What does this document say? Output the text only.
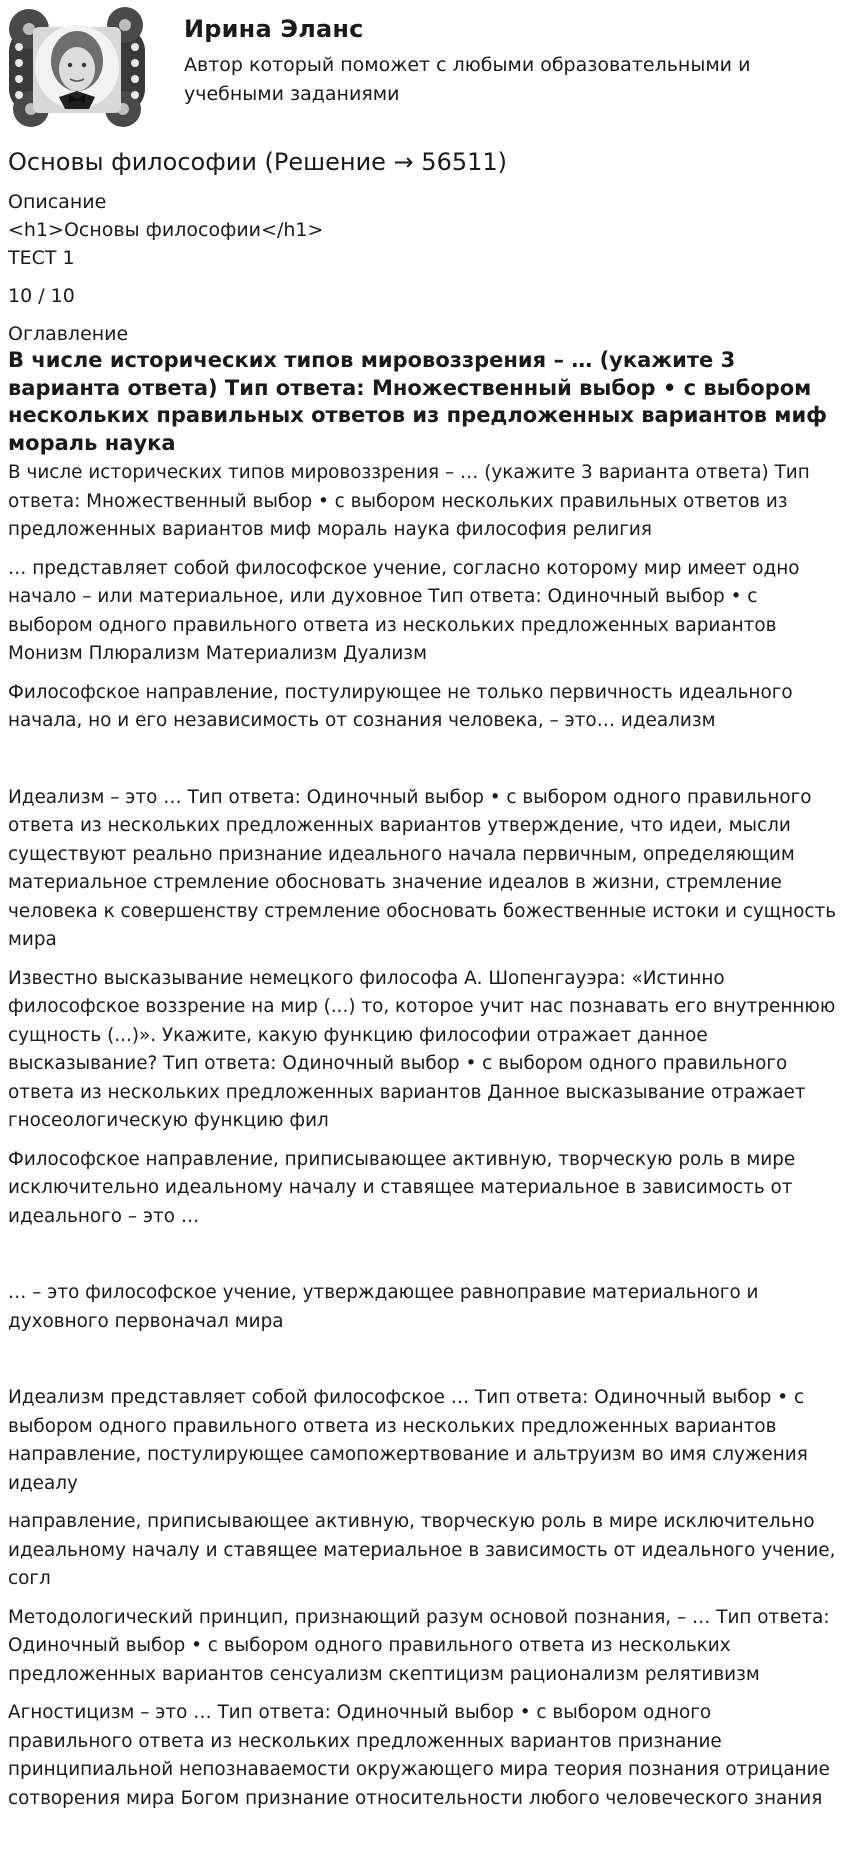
Ирина Эланс

Автор который поможет с любыми образовательными и учебными заданиями

Основы философии (Решение → 56511)

Описание

<h1>Основы философии</h1>

ТЕСТ 1

10 / 10

Оглавление

В числе исторических типов мировоззрения – … (укажите 3 варианта ответа) Тип ответа: Множественный выбор • с выбором нескольких правильных ответов из предложенных вариантов миф мораль наука

В числе исторических типов мировоззрения – … (укажите 3 варианта ответа) Тип ответа: Множественный выбор • с выбором нескольких правильных ответов из предложенных вариантов миф мораль наука философия религия

… представляет собой философское учение, согласно которому мир имеет одно начало – или материальное, или духовное Тип ответа: Одиночный выбор • с выбором одного правильного ответа из нескольких предложенных вариантов Монизм Плюрализм Материализм Дуализм

Философское направление, постулирующее не только первичность идеального начала, но и его независимость от сознания человека, – это… идеализм

Идеализм – это … Тип ответа: Одиночный выбор • с выбором одного правильного ответа из нескольких предложенных вариантов утверждение, что идеи, мысли существуют реально признание идеального начала первичным, определяющим материальное стремление обосновать значение идеалов в жизни, стремление человека к совершенству стремление обосновать божественные истоки и сущность мира

Известно высказывание немецкого философа А. Шопенгауэра: «Истинно философское воззрение на мир (...) то, которое учит нас познавать его внутреннюю сущность (...)». Укажите, какую функцию философии отражает данное высказывание? Тип ответа: Одиночный выбор • с выбором одного правильного ответа из нескольких предложенных вариантов Данное высказывание отражает гносеологическую функцию фил

Философское направление, приписывающее активную, творческую роль в мире исключительно идеальному началу и ставящее материальное в зависимость от идеального – это …

… – это философское учение, утверждающее равноправие материального и духовного первоначал мира

Идеализм представляет собой философское … Тип ответа: Одиночный выбор • с выбором одного правильного ответа из нескольких предложенных вариантов направление, постулирующее самопожертвование и альтруизм во имя служения идеалу

направление, приписывающее активную, творческую роль в мире исключительно идеальному началу и ставящее материальное в зависимость от идеального учение, согл

Методологический принцип, признающий разум основой познания, – … Тип ответа: Одиночный выбор • с выбором одного правильного ответа из нескольких предложенных вариантов сенсуализм скептицизм рационализм релятивизм

Агностицизм – это … Тип ответа: Одиночный выбор • с выбором одного правильного ответа из нескольких предложенных вариантов признание принципиальной непознаваемости окружающего мира теория познания отрицание сотворения мира Богом признание относительности любого человеческого знания
